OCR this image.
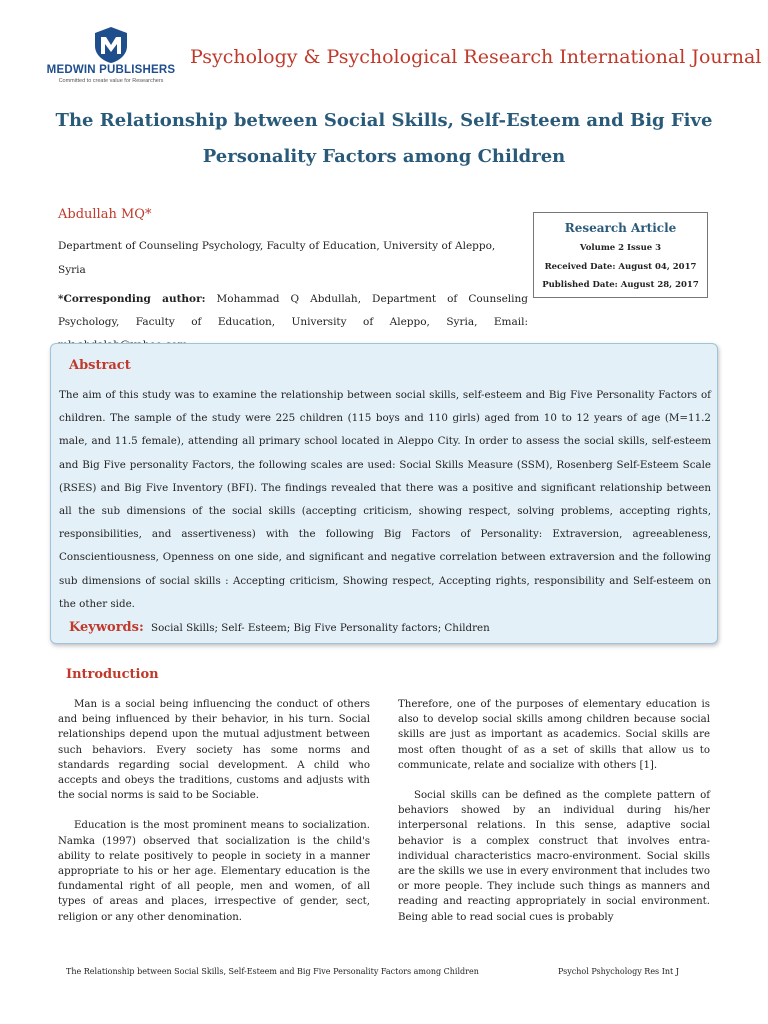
MEDWIN PUBLISHERS
Committed to create value for Researchers
Psychology & Psychological Research International Journal
The Relationship between Social Skills, Self-Esteem and Big Five
Personality Factors among Children
Abdullah MQ*
Department of Counseling Psychology, Faculty of Education, University of Aleppo, Syria
*Corresponding author: Mohammad Q Abdullah, Department of Counseling Psychology, Faculty of Education, University of Aleppo, Syria, Email:
Research Article
Volume 2 Issue 3
Received Date: August 04, 2017
Published Date: August 28, 2017
Abstract
The aim of this study was to examine the relationship between social skills, self-esteem and Big Five Personality Factors of children. The sample of the study were 225 children (115 boys and 110 girls) aged from 10 to 12 years of age (M=11.2 male, and 11.5 female), attending all primary school located in Aleppo City. In order to assess the social skills, self-esteem and Big Five personality Factors, the following scales are used: Social Skills Measure (SSM), Rosenberg Self-Esteem Scale (RSES) and Big Five Inventory (BFI). The findings revealed that there was a positive and significant relationship between all the sub dimensions of the social skills (accepting criticism, showing respect, solving problems, accepting rights, responsibilities, and assertiveness) with the following Big Factors of Personality: Extraversion, agreeableness, Conscientiousness, Openness on one side, and significant and negative correlation between extraversion and the following sub dimensions of social skills : Accepting criticism, Showing respect, Accepting rights, responsibility and Self-esteem on the other side.
Keywords: Social Skills; Self- Esteem; Big Five Personality factors; Children
Introduction

Man is a social being influencing the conduct of others and being influenced by their behavior, in his turn. Social relationships depend upon the mutual adjustment between such behaviors. Every society has some norms and standards regarding social development. A child who accepts and obeys the traditions, customs and adjusts with the social norms is said to be Sociable.

Education is the most prominent means to socialization. Namka (1997) observed that socialization is the child's ability to relate positively to people in society in a manner appropriate to his or her age. Elementary education is the fundamental right of all people, men and women, of all types of areas and places, irrespective of gender, sect, religion or any other denomination.

Therefore, one of the purposes of elementary education is also to develop social skills among children because social skills are just as important as academics. Social skills are most often thought of as a set of skills that allow us to communicate, relate and socialize with others [1].

Social skills can be defined as the complete pattern of behaviors showed by an individual during his/her interpersonal relations. In this sense, adaptive social behavior is a complex construct that involves entra-individual characteristics macro-environment. Social skills are the skills we use in every environment that includes two or more people. They include such things as manners and reading and reacting appropriately in social environment. Being able to read social cues is probably

The Relationship between Social Skills, Self-Esteem and Big Five Personality Factors among Children	Psychol Pshychology Res Int J
